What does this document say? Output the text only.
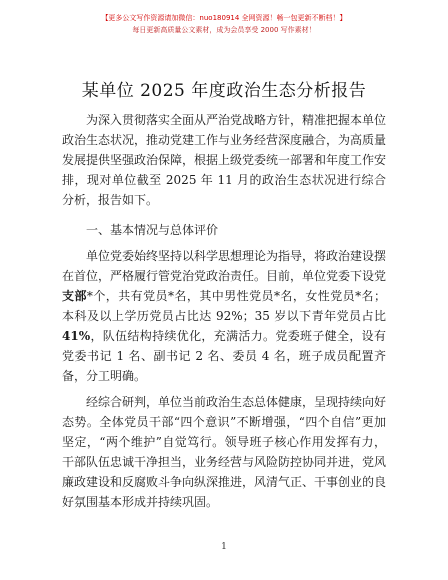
【更多公文写作资源请加微信：nuo180914 全网资源！畅一包更新不断档！】
每日更新高质量公文素材，成为会员享受 2000 写作素材！
某单位 2025 年度政治生态分析报告

为深入贯彻落实全面从严治党战略方针，精准把握本单位政治生态状况，推动党建工作与业务经营深度融合，为高质量发展提供坚强政治保障，根据上级党委统一部署和年度工作安排，现对单位截至 2025 年 11 月的政治生态状况进行综合分析，报告如下。

一、基本情况与总体评价

单位党委始终坚持以科学思想理论为指导，将政治建设摆在首位，严格履行管党治党政治责任。目前，单位党委下设党支部*个，共有党员*名，其中男性党员*名，女性党员*名；本科及以上学历党员占比达 92%；35 岁以下青年党员占比41%，队伍结构持续优化，充满活力。党委班子健全，设有党委书记 1 名、副书记 2 名、委员 4 名，班子成员配置齐备，分工明确。

经综合研判，单位当前政治生态总体健康，呈现持续向好态势。全体党员干部“四个意识”不断增强，“四个自信”更加坚定，“两个维护”自觉笃行。领导班子核心作用发挥有力，干部队伍忠诚干净担当，业务经营与风险防控协同并进，党风廉政建设和反腐败斗争向纵深推进，风清气正、干事创业的良好氛围基本形成并持续巩固。

1
